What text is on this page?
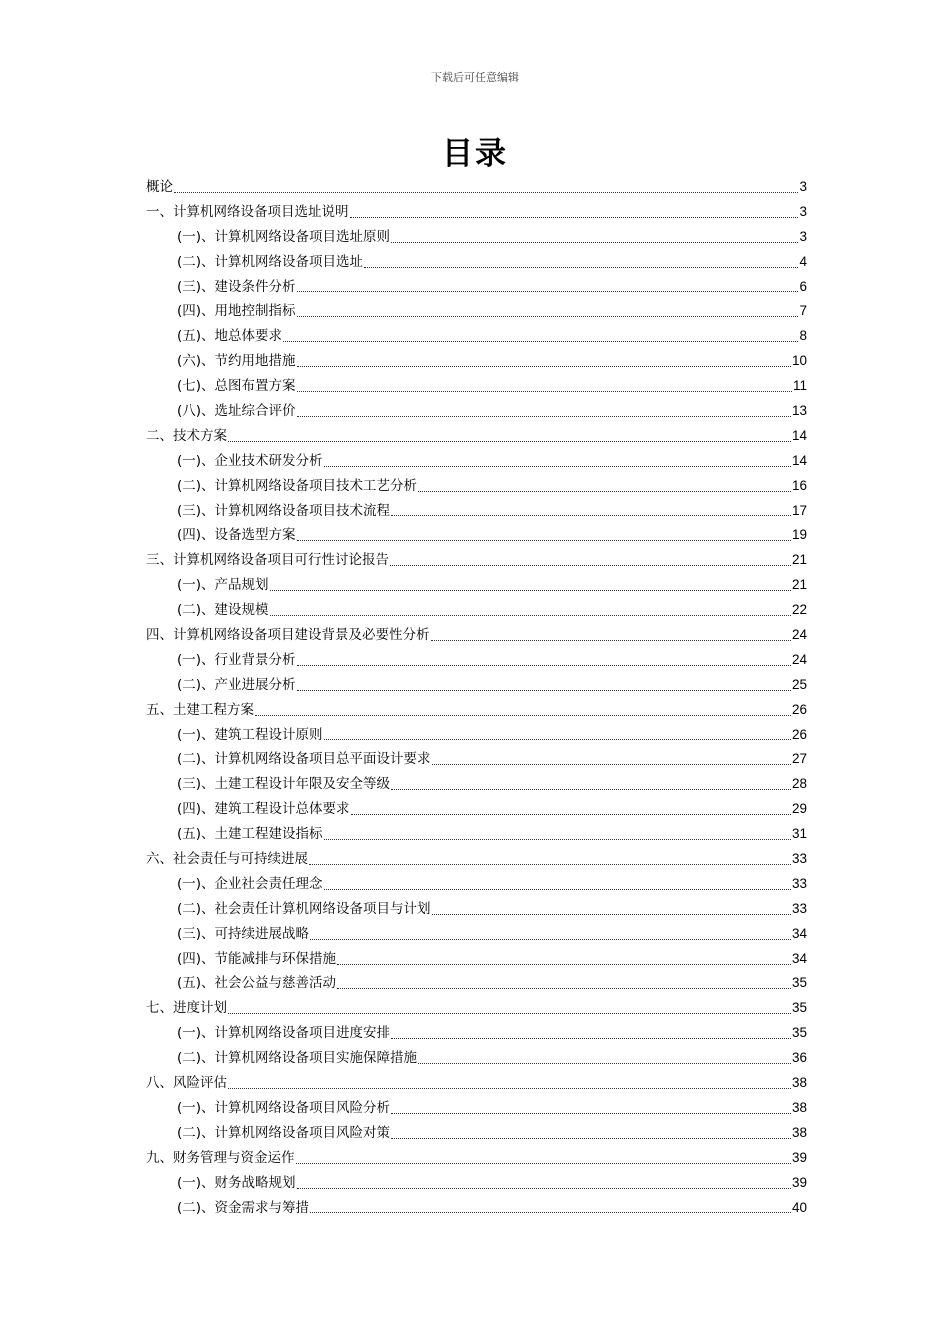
下载后可任意编辑
目录
概论	3
一、计算机网络设备项目选址说明	3
(一)、计算机网络设备项目选址原则	3
(二)、计算机网络设备项目选址	4
(三)、建设条件分析	6
(四)、用地控制指标	7
(五)、地总体要求	8
(六)、节约用地措施	10
(七)、总图布置方案	11
(八)、选址综合评价	13
二、技术方案	14
(一)、企业技术研发分析	14
(二)、计算机网络设备项目技术工艺分析	16
(三)、计算机网络设备项目技术流程	17
(四)、设备选型方案	19
三、计算机网络设备项目可行性讨论报告	21
(一)、产品规划	21
(二)、建设规模	22
四、计算机网络设备项目建设背景及必要性分析	24
(一)、行业背景分析	24
(二)、产业进展分析	25
五、土建工程方案	26
(一)、建筑工程设计原则	26
(二)、计算机网络设备项目总平面设计要求	27
(三)、土建工程设计年限及安全等级	28
(四)、建筑工程设计总体要求	29
(五)、土建工程建设指标	31
六、社会责任与可持续进展	33
(一)、企业社会责任理念	33
(二)、社会责任计算机网络设备项目与计划	33
(三)、可持续进展战略	34
(四)、节能减排与环保措施	34
(五)、社会公益与慈善活动	35
七、进度计划	35
(一)、计算机网络设备项目进度安排	35
(二)、计算机网络设备项目实施保障措施	36
八、风险评估	38
(一)、计算机网络设备项目风险分析	38
(二)、计算机网络设备项目风险对策	38
九、财务管理与资金运作	39
(一)、财务战略规划	39
(二)、资金需求与筹措	40
